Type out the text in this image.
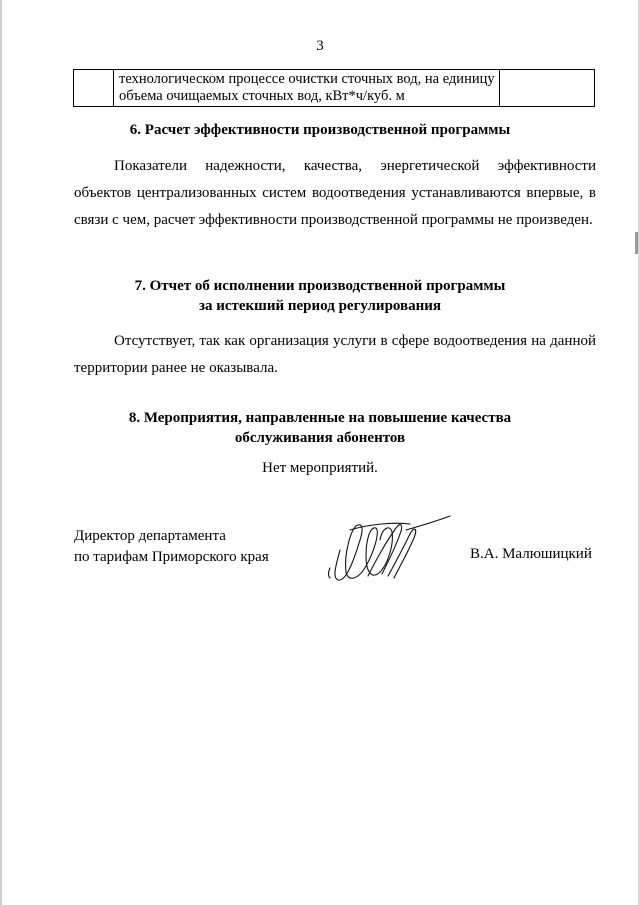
3

технологическом процессе очистки сточных вод, на единицу
объема очищаемых сточных вод, кВт*ч/куб. м

6. Расчет эффективности производственной программы

Показатели надежности, качества, энергетической эффективности объектов централизованных систем водоотведения устанавливаются впервые, в связи с чем, расчет эффективности производственной программы не произведен.

7. Отчет об исполнении производственной программы
за истекший период регулирования

Отсутствует, так как организация услуги в сфере водоотведения на данной территории ранее не оказывала.

8. Мероприятия, направленные на повышение качества
обслуживания абонентов
Нет мероприятий.
Директор департамента
по тарифам Приморского края	В.А. Малюшицкий
